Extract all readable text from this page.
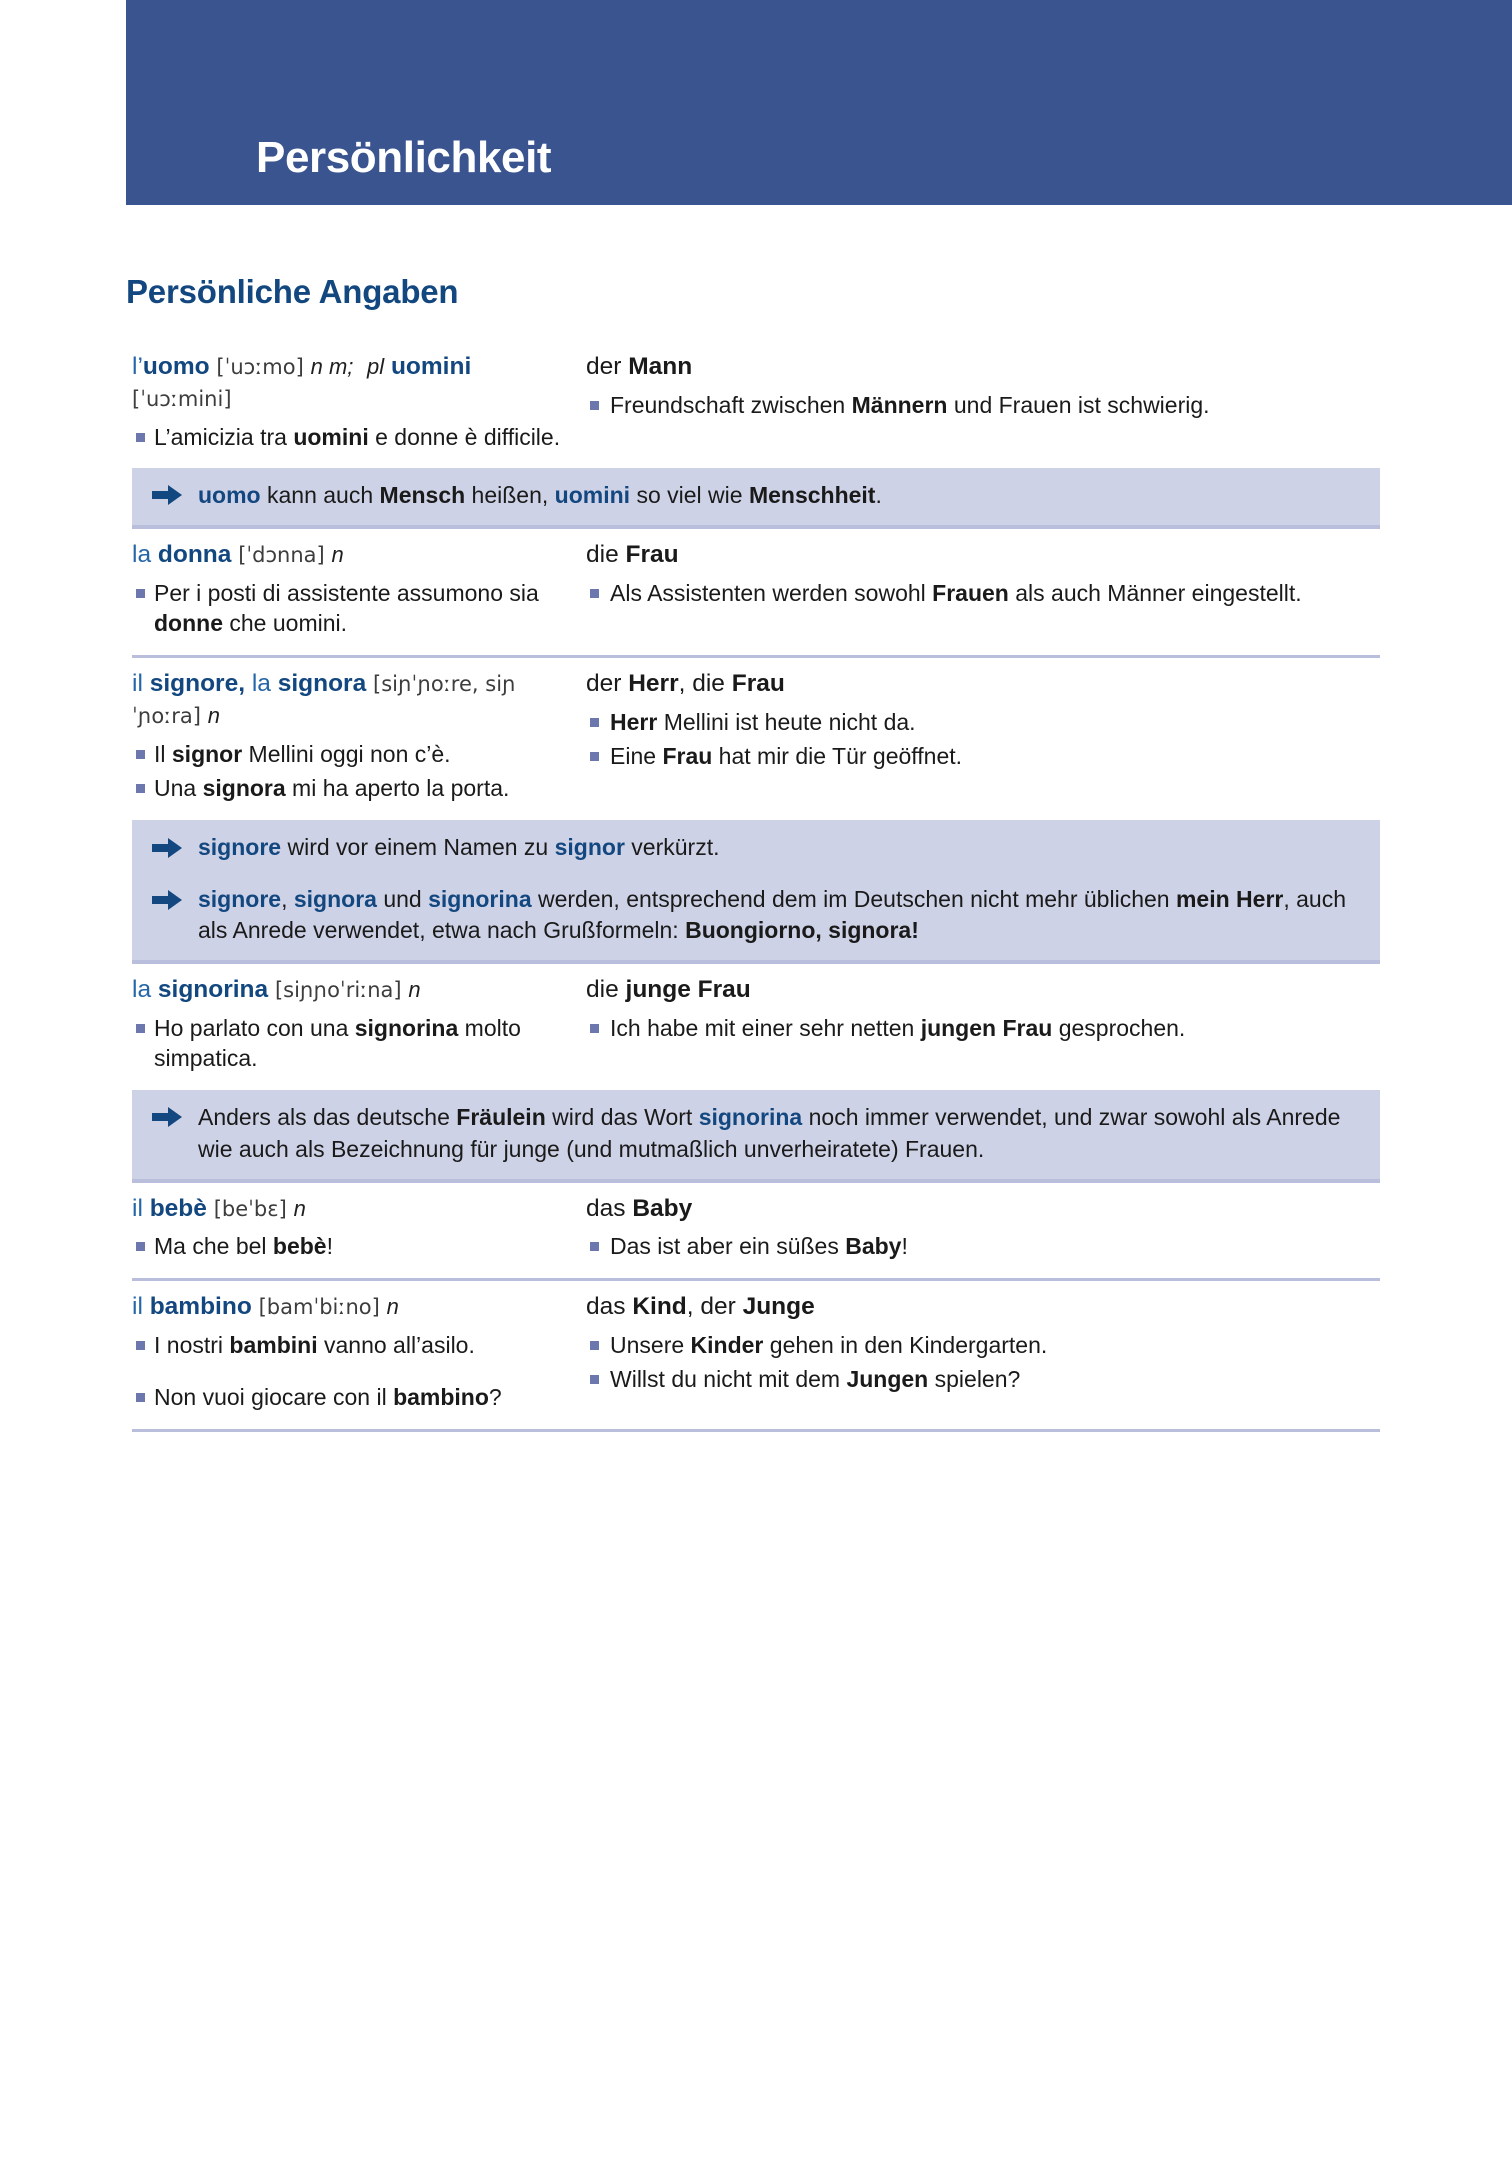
Persönlichkeit
Persönliche Angaben
l’uomo [ˈuɔːmo] n m; pl uomini
[ˈuɔːmini]
L’amicizia tra uomini e donne è difficile.
der Mann
Freundschaft zwischen Männern und Frauen ist schwierig.
uomo kann auch Mensch heißen, uomini so viel wie Menschheit.
la donna [ˈdɔnna] n
Per i posti di assistente assumono sia donne che uomini.
die Frau
Als Assistenten werden sowohl Frauen als auch Männer eingestellt.
il signore, la signora [siɲˈɲoːre, siɲˈɲoːra] n
Il signor Mellini oggi non c’è.
Una signora mi ha aperto la porta.
der Herr, die Frau
Herr Mellini ist heute nicht da.
Eine Frau hat mir die Tür geöffnet.

signore wird vor einem Namen zu signor verkürzt.

signore, signora und signorina werden, entsprechend dem im Deutschen nicht mehr üblichen mein Herr, auch als Anrede verwendet, etwa nach Grußformeln: Buongiorno, signora!

la signorina [siɲɲoˈriːna] n
Ho parlato con una signorina molto simpatica.
die junge Frau
Ich habe mit einer sehr netten jungen Frau gesprochen.
Anders als das deutsche Fräulein wird das Wort signorina noch immer verwendet, und zwar sowohl als Anrede wie auch als Bezeichnung für junge (und mutmaßlich unverheiratete) Frauen.
il bebè [beˈbɛ] n
Ma che bel bebè!
das Baby
Das ist aber ein süßes Baby!
il bambino [bamˈbiːno] n
I nostri bambini vanno all’asilo.
Non vuoi giocare con il bambino?
das Kind, der Junge
Unsere Kinder gehen in den Kindergarten.
Willst du nicht mit dem Jungen spielen?
